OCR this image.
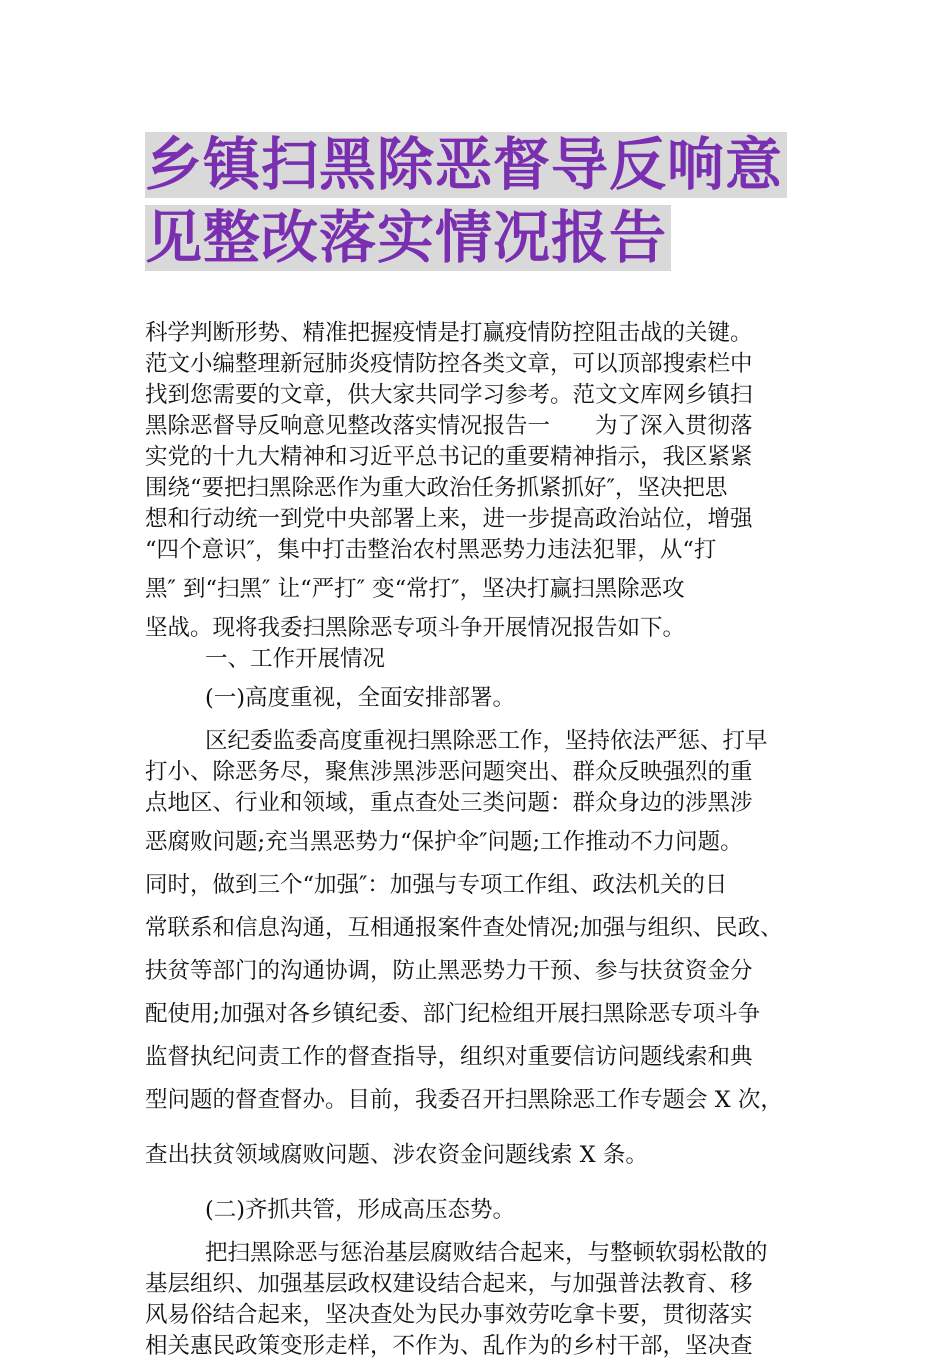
乡镇扫黑除恶督导反响意
见整改落实情况报告
科学判断形势、精准把握疫情是打赢疫情防控阻击战的关键。
范文小编整理新冠肺炎疫情防控各类文章，可以顶部搜索栏中
找到您需要的文章，供大家共同学习参考。范文文库网乡镇扫
黑除恶督导反响意见整改落实情况报告一　　为了深入贯彻落
实党的十九大精神和习近平总书记的重要精神指示，我区紧紧
围绕“要把扫黑除恶作为重大政治任务抓紧抓好″，坚决把思
想和行动统一到党中央部署上来，进一步提高政治站位，增强
“四个意识″，集中打击整治农村黑恶势力违法犯罪，从“打
黑″ 到“扫黑″ 让“严打″ 变“常打″，坚决打赢扫黑除恶攻
坚战。现将我委扫黑除恶专项斗争开展情况报告如下。
一、工作开展情况
(一)高度重视，全面安排部署。
区纪委监委高度重视扫黑除恶工作，坚持依法严惩、打早
打小、除恶务尽，聚焦涉黑涉恶问题突出、群众反映强烈的重
点地区、行业和领域，重点查处三类问题：群众身边的涉黑涉
恶腐败问题;充当黑恶势力“保护伞″问题;工作推动不力问题。
同时，做到三个“加强″：加强与专项工作组、政法机关的日
常联系和信息沟通，互相通报案件查处情况;加强与组织、民政、
扶贫等部门的沟通协调，防止黑恶势力干预、参与扶贫资金分
配使用;加强对各乡镇纪委、部门纪检组开展扫黑除恶专项斗争
监督执纪问责工作的督查指导，组织对重要信访问题线索和典
型问题的督查督办。目前，我委召开扫黑除恶工作专题会 X 次，
查出扶贫领域腐败问题、涉农资金问题线索 X 条。
(二)齐抓共管，形成高压态势。
把扫黑除恶与惩治基层腐败结合起来，与整顿软弱松散的
基层组织、加强基层政权建设结合起来，与加强普法教育、移
风易俗结合起来，坚决查处为民办事效劳吃拿卡要，贯彻落实
相关惠民政策变形走样，不作为、乱作为的乡村干部，坚决查
